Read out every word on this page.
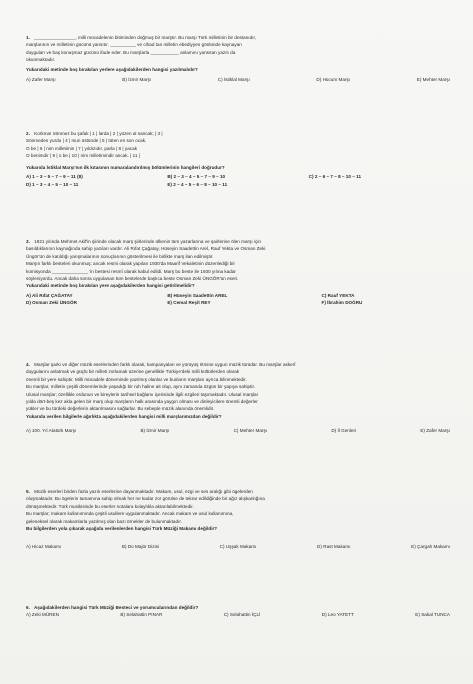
1. ________________, milli mücadelenin bitiminden doğmuş bir marştır. Bu marşı Türk milletinin bir destanıdır,

marşlarının ve milletinin gücünü yansıtır. __________ ve cihad tan milletin ebediyyen gönlünde kaynayan

duyguları ve baş konuşmaz gücünü ifade eder. Bu marşlarla ___________ anlamını yansıtan yazılı da

okunmaktadır.

Yukarıdaki metinde boş bırakılan yerlere aşağıdakilerden hangisi yazılmalıdır?

A) Zafer Marşı	B) İzmir Marşı	C) İstiklal Marşı	D) Hücum Marşı	E) Mehter Marşı

2. Korkma! Sönmez bu şafak | 1 | larda | 2 | yüzen al sancak; | 3 |

Sönmeden yurdu | 4 | mun üstünde | 5 | tüten en son ocak.

O be | 6 | nim milletimin | 7 | yıldızıdır, parla | 8 | yacak

O benimdir | 9 | o be | 10 | nim milletimindir ancak. | 11 |

Yukarıda İstiklal Marşı'nın ilk kıtasının numaralandırılmış bölümlerinin hangileri doğrudur?

A) 1 – 3 – 5 – 7 – 9 – 11 (8)	B) 2 – 3 – 4 – 5 – 7 – 9 – 10	C) 2 – 6 – 7 – 8 – 10 – 11
D) 1 – 3 – 4 – 5 – 10 – 11	E) 2 – 4 – 5 – 6 – 8 – 10 – 11

3. 1921 yılında Mehmet Akif'in şiirinde olacak marş şiirlerinde ülkenin tüm yazarlarına ve şairlerine ölen marşı için

basıldıklarının kaynağında sahip yazıları vardır. Ali Rıfat Çağatay, Hüseyin Saadettin Arel, Rauf Yekta ve Osman Zeki

Üngör'ün de katıldığı yarışmalarının sonuçlarının gösterilmesi ile birlikte marş ilan edilmiştir.

Marşın farklı besteleri okunmuş; ancak resmi olarak yapılan 1930'da Maarif Vekaletinin düzenlediği bir

komisyonda ______________ 'in bestesi resmî olarak kabul edildi. Marş bu beste ile 1930 yılına kadar

söyleniyordu. Ancak daha sonra uygulanan tüm bestelerde başlıca beste Osman Zeki ÜNGÖR'ün eseri.

Yukarıdaki metinde boş bırakılan yere aşağıdakilerden hangisi getirilmelidir?

A) Ali Rıfat ÇAĞATAY	B) Hüseyin Saadettin AREL	C) Rauf YEKTA
D) Osman Zeki ÜNGÖR	E) Cemal Reşit REY	F) İbrahim DOĞRU

4. Marşlar şarkı ve diğer müzik eserlerinden farklı olarak, kampanyaları ve yürüyüş ritmine uygun müzik türüdür. Bu marşlar askerî

duygularını anlatmak ve güçlü bir milleti zorlamak üzerine genellikle Türkiye'deki milli kültürlerden olarak

önemli bir yere sahiptir. Milli mücadele döneminde yazılmış olanlar ve bunların marşları ayrıca bilinmektedir.

Bu marşlar, milletin çeşitli dönemlerinde yaşadığı bir ruh haline ait olup, aynı zamanda özgün bir yapıya sahiptir.

Ulusal marşlar; özellikle ordunun ve bireylerin tarihsel bağlamı içerisinde ilgili ezgileri taşımaktadır. Ulusal marşlar

yılda dört-beş kez akla gelen bir marş olup marşların halk arasında yaygın olması ve dinleyicilere önemli değerler

yükler ve bu türdeki değerlerin aktarılmasını sağlarlar. Bu sebeple müzik alanında önemlidir.

Yukarıda verilen bilgilerle ağırlıkta aşağıdakilerden hangisi milli marşlarımızdan değildir?

A) 100. Yıl Atatürk Marşı	B) İzmir Marşı	C) Mehter Marşı	D) İl Genleri	E) Zafer Marşı

5. Müzik eserleri birden fazla yazılı eserlerine dayanmaktadır. Makam, usul, ezgi ve ses aralığı gibi ögelerden

oluşmaktadır. Bu ögelerin tamamına sahip olmak her ne kadar zor görülse de tekrar edildiğinde bir ağız alışkanlığına

dönüşmektedir. Türk musikisinde bu eserler notalara kolaylıkla aktarılabilmektedir.

Bu marşlar; makam kullanımında çeşitli usullere uygulanmaktadır. Ancak makam ve usul kullanımına,

geleneksel olarak makamlarla yazılmış olan bazı örnekler de bulunmaktadır.

Bu bilgilerden yola çıkarak aşağıda verilenlerden hangisi Türk Müziği Makamı değildir?

A) Hicaz Makamı	B) Do Majör Dizisi	C) Uşşak Makamı	D) Rast Makamı	E) Çargah Makamı

6. Aşağıdakilerden hangisi Türk Müziği Besteci ve yorumcularından değildir?

A) Zeki MÜREN	B) Selahattin PINAR	C) Selahattin İÇLİ	D) Leo YATETT	E) Sakal TUNCA
